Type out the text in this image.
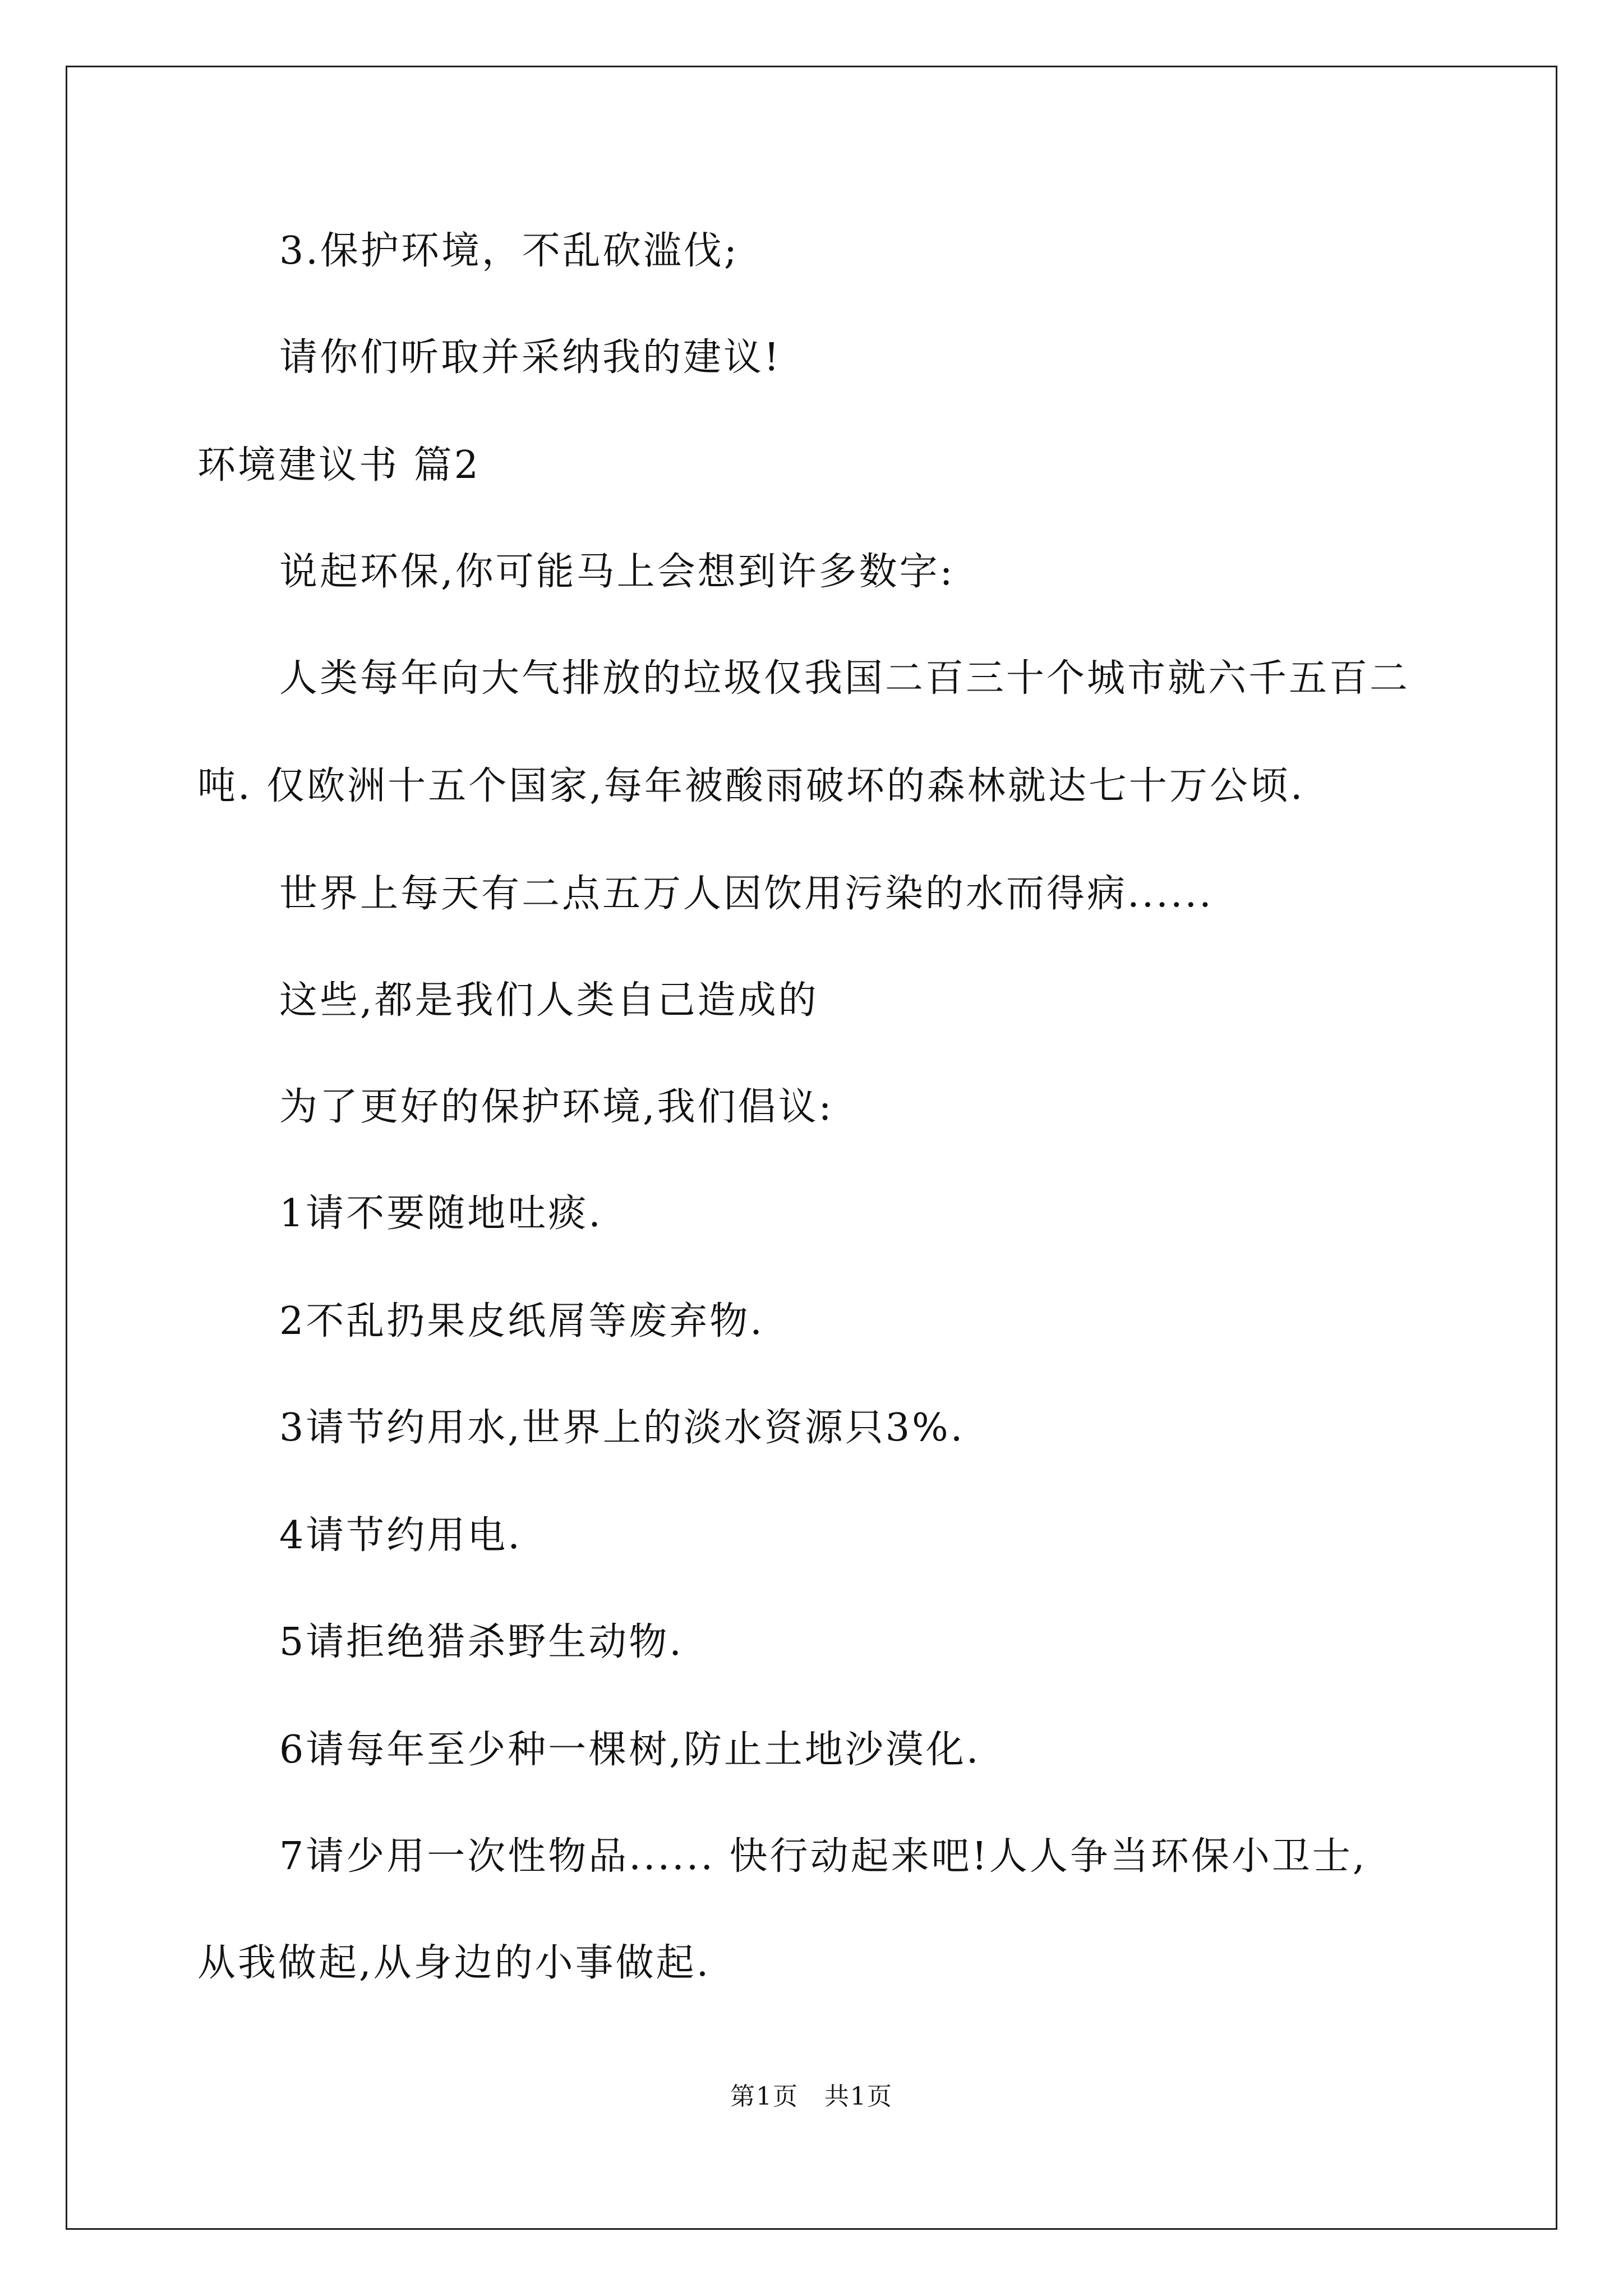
3.保护环境，不乱砍滥伐;
请你们听取并采纳我的建议!
环境建议书 篇2
说起环保,你可能马上会想到许多数字:
人类每年向大气排放的垃圾仅我国二百三十个城市就六千五百二
吨. 仅欧洲十五个国家,每年被酸雨破坏的森林就达七十万公顷.
世界上每天有二点五万人因饮用污染的水而得病......
这些,都是我们人类自己造成的
为了更好的保护环境,我们倡议:
1请不要随地吐痰.
2不乱扔果皮纸屑等废弃物.
3请节约用水,世界上的淡水资源只3%.
4请节约用电.
5请拒绝猎杀野生动物.
6请每年至少种一棵树,防止土地沙漠化.
7请少用一次性物品...... 快行动起来吧!人人争当环保小卫士,
从我做起,从身边的小事做起.
第1页　共1页
